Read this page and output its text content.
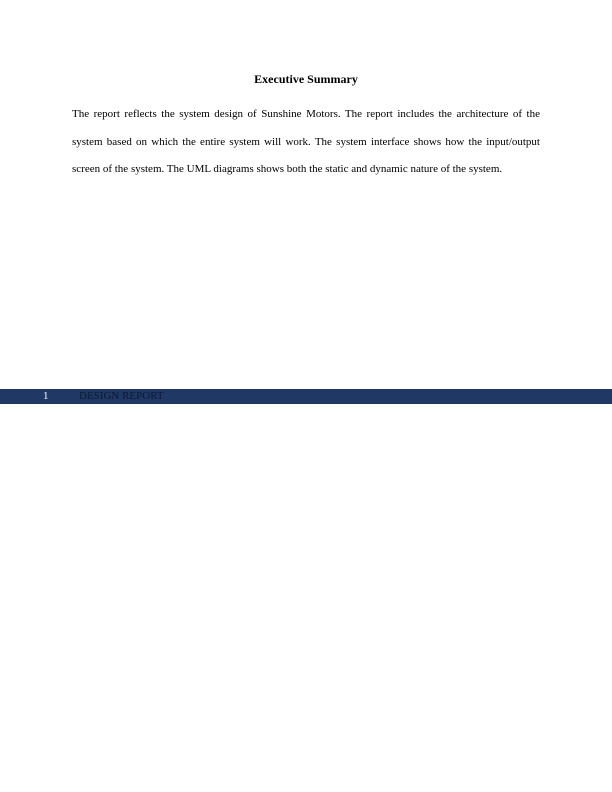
Executive Summary

The report reflects the system design of Sunshine Motors. The report includes the architecture of the system based on which the entire system will work. The system interface shows how the input/output screen of the system. The UML diagrams shows both the static and dynamic nature of the system.

1	DESIGN REPORT
